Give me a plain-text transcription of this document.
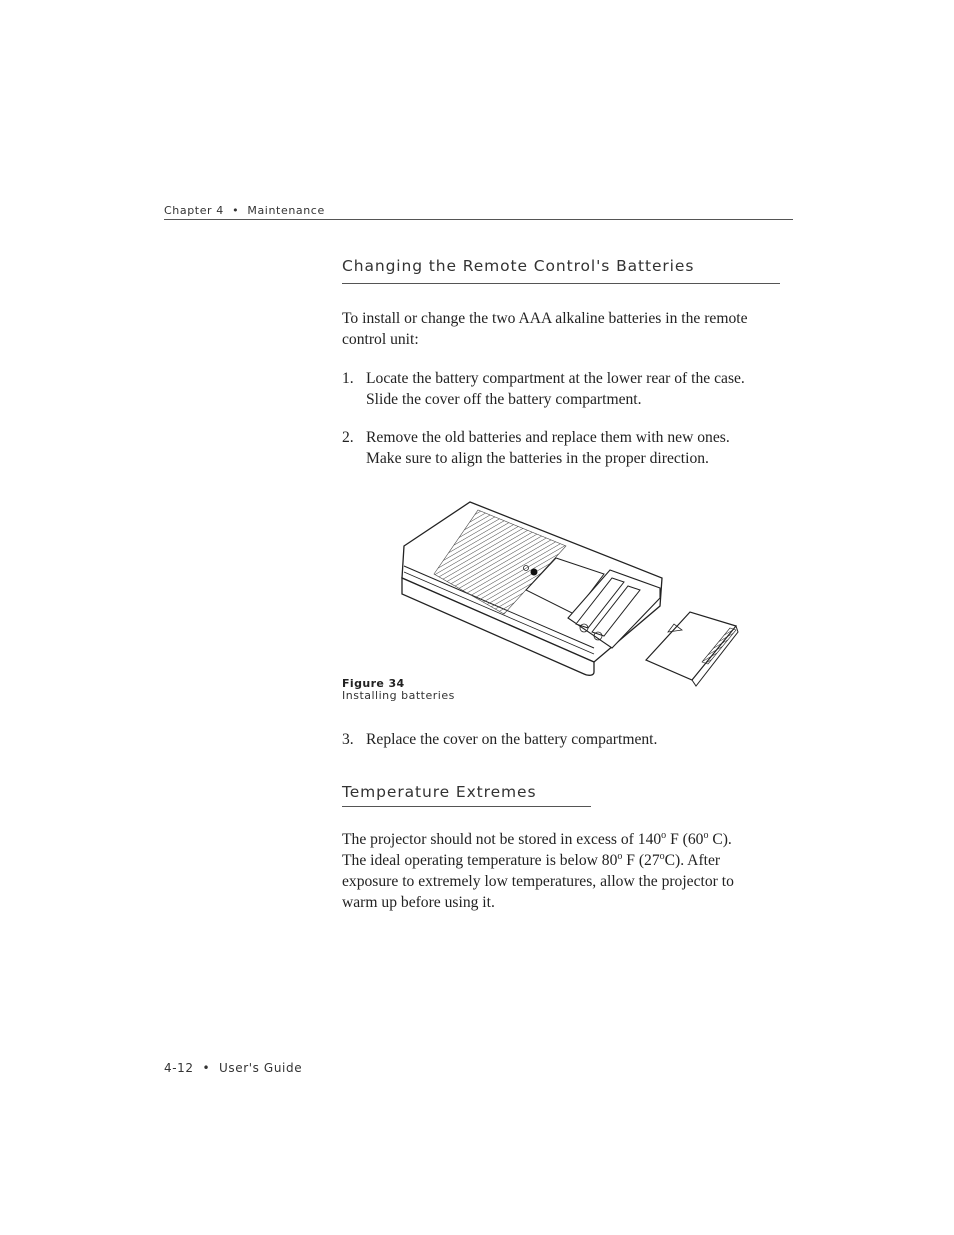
Chapter 4 • Maintenance
Changing the Remote Control's Batteries
To install or change the two AAA alkaline batteries in the remote control unit:
1. Locate the battery compartment at the lower rear of the case.
Slide the cover off the battery compartment.
2. Remove the old batteries and replace them with new ones.
Make sure to align the batteries in the proper direction.
Figure 34
Installing batteries
3. Replace the cover on the battery compartment.
Temperature Extremes
The projector should not be stored in excess of 140$^o$ F (60$^o$ C).
The ideal operating temperature is below 80$^o$ F (27$^o$C). After
exposure to extremely low temperatures, allow the projector to
warm up before using it.
4-12 • User's Guide
